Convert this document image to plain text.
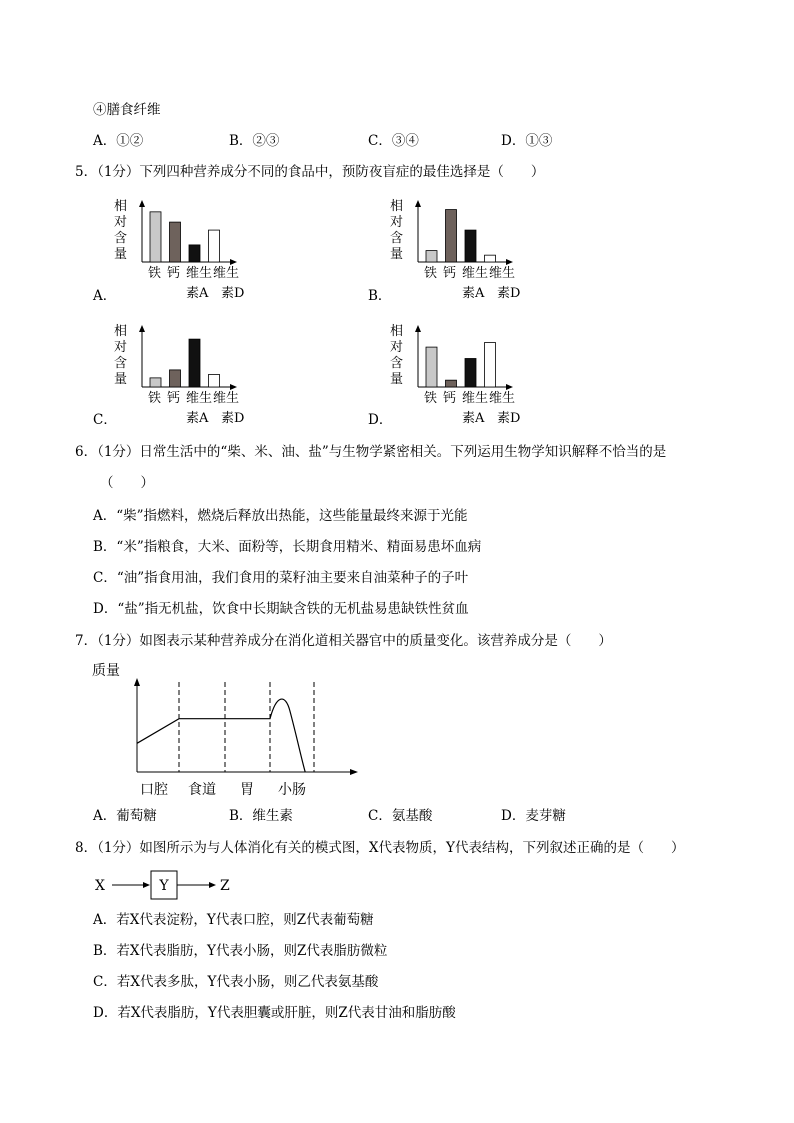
④膳食纤维
A．①②	B．②③	C．③④	D．①③
5．（1分）下列四种营养成分不同的食品中，预防夜盲症的最佳选择是（　　）
A．	B．
C．	D．
相
对
含
量
铁 钙 维生 维生
素A 素D
相
对
含
量
铁 钙 维生 维生
素A 素D
相
对
含
量
铁 钙 维生 维生
素A 素D
相
对
含
量
铁 钙 维生 维生
素A 素D
6．（1分）日常生活中的“柴、米、油、盐”与生物学紧密相关。下列运用生物学知识解释不恰当的是
（　　）
A．“柴”指燃料，燃烧后释放出热能，这些能量最终来源于光能
B．“米”指粮食，大米、面粉等，长期食用精米、精面易患坏血病
C．“油”指食用油，我们食用的菜籽油主要来自油菜种子的子叶
D．“盐”指无机盐，饮食中长期缺含铁的无机盐易患缺铁性贫血
7．（1分）如图表示某种营养成分在消化道相关器官中的质量变化。该营养成分是（　　）
质量
口腔 食道 胃 小肠
A．葡萄糖	B．维生素	C．氨基酸	D．麦芽糖
8．（1分）如图所示为与人体消化有关的模式图，X代表物质，Y代表结构，下列叙述正确的是（　　）
X	Y	Z
A．若X代表淀粉，Y代表口腔，则Z代表葡萄糖
B．若X代表脂肪，Y代表小肠，则Z代表脂肪微粒
C．若X代表多肽，Y代表小肠，则乙代表氨基酸
D．若X代表脂肪，Y代表胆囊或肝脏，则Z代表甘油和脂肪酸
